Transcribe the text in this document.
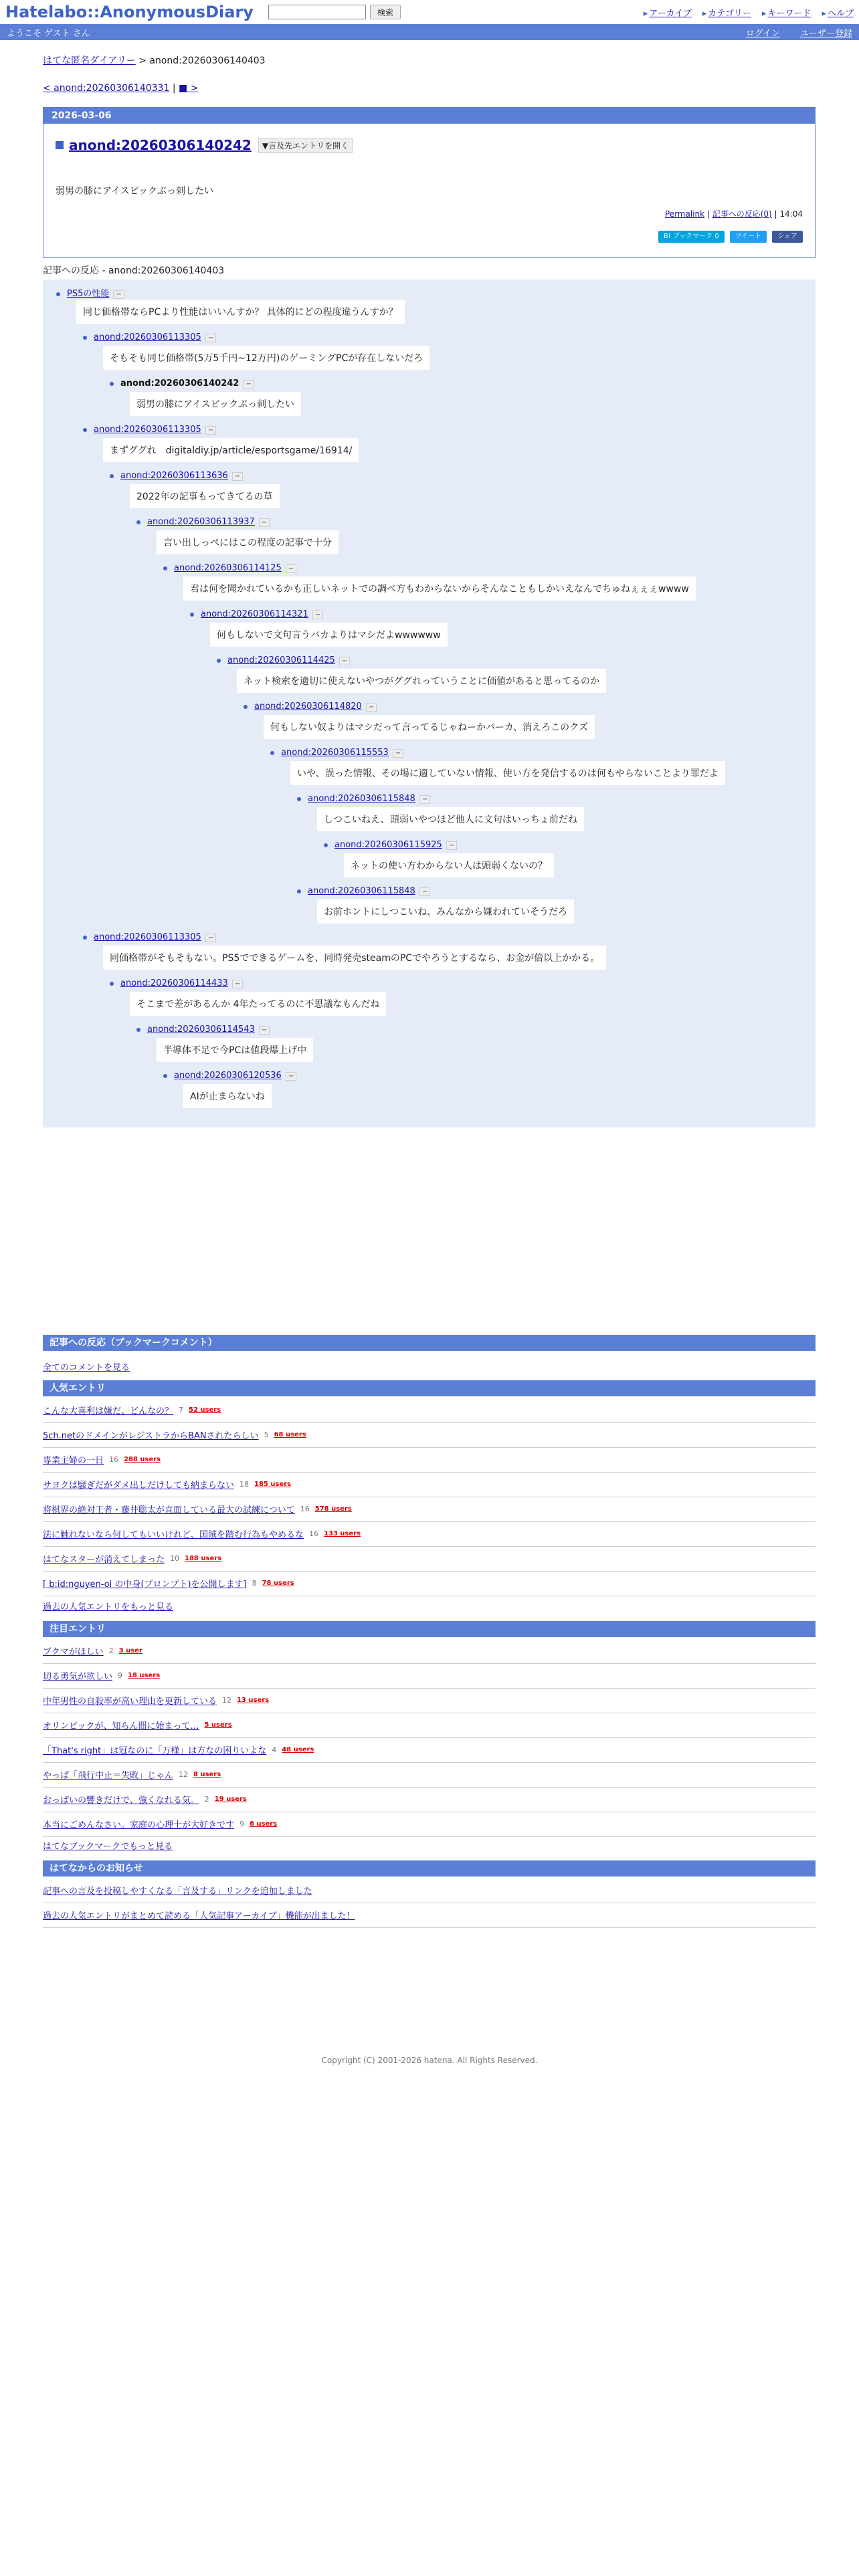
Hatelabo::AnonymousDiary	検索	▸ アーカイブ	▸ カテゴリー	▸ キーワード	▸ ヘルプ
ようこそ ゲスト さん	ログイン ユーザー登録
はてな匿名ダイアリー > anond:20260306140403
< anond:20260306140331 | ■ >
2026-03-06
anond:20260306140242	▼言及先エントリを開く
弱男の膝にアイスピックぶっ刺したい
Permalink | 記事への反応(0) | 14:04
B! ブックマーク 0	ツイート	シェア
記事への反応 - anond:20260306140403
PS5の性能 −
同じ価格帯ならPCより性能はいいんすか？ 具体的にどの程度違うんすか？
anond:20260306113305 −
そもそも同じ価格帯(5万5千円~12万円)のゲーミングPCが存在しないだろ
anond:20260306140242 −
弱男の膝にアイスピックぶっ刺したい
anond:20260306113305 −
まずググれ　digitaldiy.jp/article/esportsgame/16914/
anond:20260306113636 −
2022年の記事もってきてるの草
anond:20260306113937 −
言い出しっぺにはこの程度の記事で十分
anond:20260306114125 −
君は何を聞かれているかも正しいネットでの調べ方もわからないからそんなこともしかいえなんでちゅねぇぇぇwwww
anond:20260306114321 −
何もしないで文句言うバカよりはマシだよwwwwww
anond:20260306114425 −
ネット検索を適切に使えないやつがググれっていうことに価値があると思ってるのか
anond:20260306114820 −
何もしない奴よりはマシだって言ってるじゃねーかバーカ、消えろこのクズ
anond:20260306115553 −
いや、誤った情報、その場に適していない情報、使い方を発信するのは何もやらないことより罪だよ
anond:20260306115848 −
しつこいねえ、頭弱いやつほど他人に文句はいっちょ前だね
anond:20260306115925 −
ネットの使い方わからない人は頭弱くないの？
anond:20260306115848 −
お前ホントにしつこいね、みんなから嫌われていそうだろ
anond:20260306113305 −
同価格帯がそもそもない。PS5でできるゲームを、同時発売steamのPCでやろうとするなら、お金が倍以上かかる。
anond:20260306114433 −
そこまで差があるんか 4年たってるのに不思議なもんだね
anond:20260306114543 −
半導体不足で今PCは値段爆上げ中
anond:20260306120536 −
AIが止まらないね
記事への反応（ブックマークコメント）
全てのコメントを見る
人気エントリ
こんな大喜利は嫌だ、どんなの？ 7 52 users
5ch.netのドメインがレジストラからBANされたらしい 5 68 users
専業主婦の一日 16 288 users
サヨクは騒ぎだがダメ出しだけしても納まらない 18 185 users
将棋界の絶対王者・藤井聡太が直面している最大の試練について 16 578 users
法に触れないなら何してもいいけれど、国賊を踏む行為もやめるな 16 133 users
はてなスターが消えてしまった 10 188 users
[ b:id:nguyen-oi の中身(プロンプト)を公開します] 8 78 users
過去の人気エントリをもっと見る
注目エントリ
ブクマがほしい 2 3 user
切る勇気が欲しい 9 18 users
中年男性の自殺率が高い理由を更新している 12 13 users
オリンピックが、知らん間に始まって… 5 users
「That's right」は冠なのに「万様」は方なの困りいよな 4 48 users
やっぱ「飛行中止＝失敗」じゃん 12 8 users
おっぱいの響きだけで、強くなれる気。 2 19 users
本当にごめんなさい。家庭の心理士が大好きです 9 6 users
はてなブックマークでもっと見る
はてなからのお知らせ
記事への言及を投稿しやすくなる「言及する」リンクを追加しました
過去の人気エントリがまとめて読める「人気記事アーカイブ」機能が出ました！
Copyright (C) 2001-2026 hatena. All Rights Reserved.
